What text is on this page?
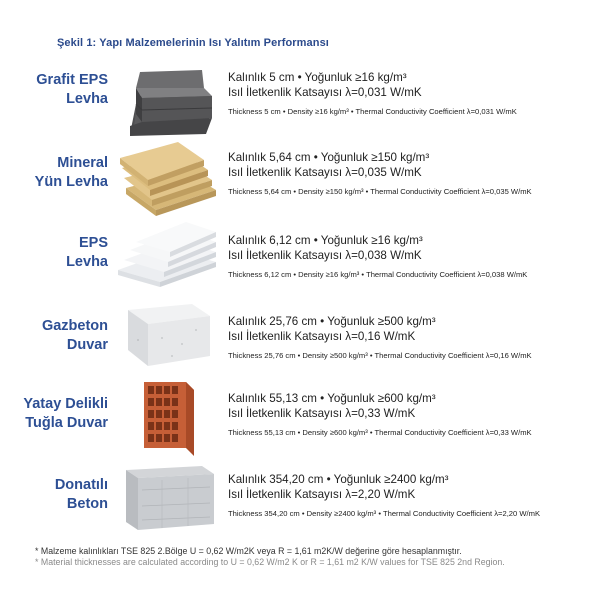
Şekil 1: Yapı Malzemelerinin Isı Yalıtım Performansı
Grafit EPS
Levha
Kalınlık 5 cm • Yoğunluk ≥16 kg/m³
Isıl İletkenlik Katsayısı λ=0,031 W/mK
Thickness 5 cm • Density ≥16 kg/m³ • Thermal Conductivity Coefficient λ=0,031 W/mK
Mineral
Yün Levha
Kalınlık 5,64 cm • Yoğunluk ≥150 kg/m³
Isıl İletkenlik Katsayısı λ=0,035 W/mK
Thickness 5,64 cm • Density ≥150 kg/m³ • Thermal Conductivity Coefficient λ=0,035 W/mK
EPS
Levha
Kalınlık 6,12 cm • Yoğunluk ≥16 kg/m³
Isıl İletkenlik Katsayısı λ=0,038 W/mK
Thickness 6,12 cm • Density ≥16 kg/m³ • Thermal Conductivity Coefficient λ=0,038 W/mK
Gazbeton
Duvar
Kalınlık 25,76 cm • Yoğunluk ≥500 kg/m³
Isıl İletkenlik Katsayısı λ=0,16 W/mK
Thickness 25,76 cm • Density ≥500 kg/m³ • Thermal Conductivity Coefficient λ=0,16 W/mK
Yatay Delikli
Tuğla Duvar
Kalınlık 55,13 cm • Yoğunluk ≥600 kg/m³
Isıl İletkenlik Katsayısı λ=0,33 W/mK
Thickness 55,13 cm • Density ≥600 kg/m³ • Thermal Conductivity Coefficient λ=0,33 W/mK
Donatılı
Beton
Kalınlık 354,20 cm • Yoğunluk ≥2400 kg/m³
Isıl İletkenlik Katsayısı λ=2,20 W/mK
Thickness 354,20 cm • Density ≥2400 kg/m³ • Thermal Conductivity Coefficient λ=2,20 W/mK
* Malzeme kalınlıkları TSE 825 2.Bölge U = 0,62 W/m2K veya R = 1,61 m2K/W değerine göre hesaplanmıştır.
* Material thicknesses are calculated according to U = 0,62 W/m2 K or R = 1,61 m2 K/W values for TSE 825 2nd Region.
